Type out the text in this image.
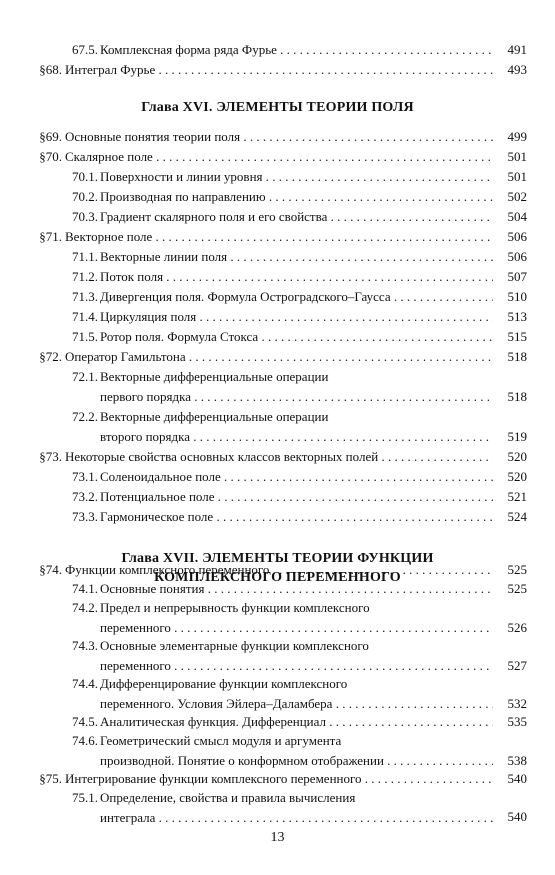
67.5. Комплексная форма ряда Фурье . . .	491
§68. Интеграл Фурье . . .	493
Глава XVI. ЭЛЕМЕНТЫ ТЕОРИИ ПОЛЯ
§69. Основные понятия теории поля . . .	499
§70. Скалярное поле . . .	501
70.1. Поверхности и линии уровня . . .	501
70.2. Производная по направлению . . .	502
70.3. Градиент скалярного поля и его свойства . . .	504
§71. Векторное поле . . .	506
71.1. Векторные линии поля . . .	506
71.2. Поток поля . . .	507
71.3. Дивергенция поля. Формула Остроградского–Гаусса . . .	510
71.4. Циркуляция поля . . .	513
71.5. Ротор поля. Формула Стокса . . .	515
§72. Оператор Гамильтона . . .	518
72.1. Векторные дифференциальные операции
первого порядка . . .	518
72.2. Векторные дифференциальные операции
второго порядка . . .	519
§73. Некоторые свойства основных классов векторных полей . . .	520
73.1. Соленоидальное поле . . .	520
73.2. Потенциальное поле . . .	521
73.3. Гармоническое поле . . .	524
Глава XVII. ЭЛЕМЕНТЫ ТЕОРИИ ФУНКЦИИ
КОМПЛЕКСНОГО ПЕРЕМЕННОГО
§74. Функции комплексного переменного . . .	525
74.1. Основные понятия . . .	525
74.2. Предел и непрерывность функции комплексного
переменного . . .	526
74.3. Основные элементарные функции комплексного
переменного . . .	527
74.4. Дифференцирование функции комплексного
переменного. Условия Эйлера–Даламбера . . .	532
74.5. Аналитическая функция. Дифференциал . . .	535
74.6. Геометрический смысл модуля и аргумента
производной. Понятие о конформном отображении . . .	538
13
§75. Интегрирование функции комплексного переменного . . .	540
75.1. Определение, свойства и правила вычисления
интеграла . . .	540
